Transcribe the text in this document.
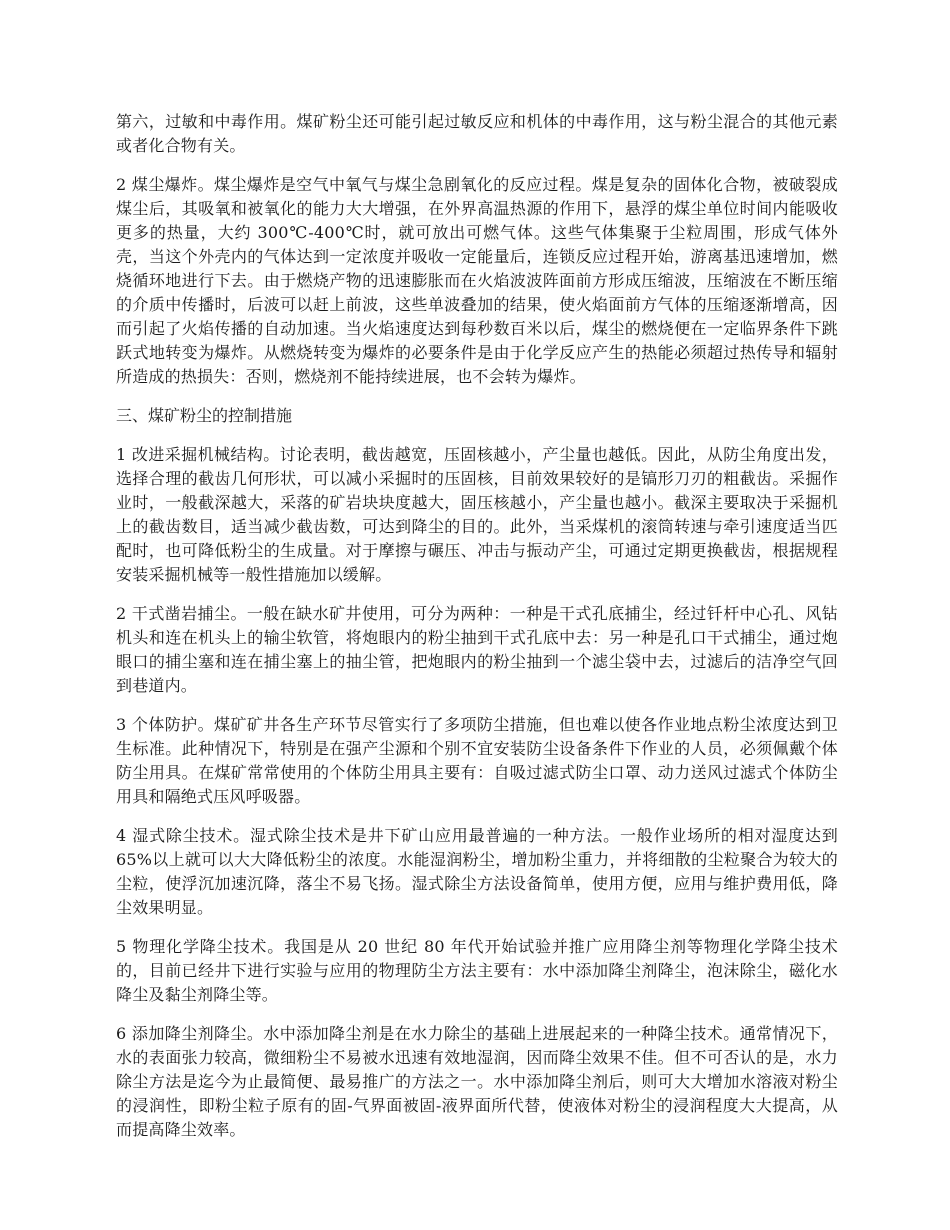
第六，过敏和中毒作用。煤矿粉尘还可能引起过敏反应和机体的中毒作用，这与粉尘混合的其他元素或者化合物有关。

2 煤尘爆炸。煤尘爆炸是空气中氧气与煤尘急剧氧化的反应过程。煤是复杂的固体化合物，被破裂成煤尘后，其吸氧和被氧化的能力大大增强，在外界高温热源的作用下，悬浮的煤尘单位时间内能吸收更多的热量，大约 300℃-400℃时，就可放出可燃气体。这些气体集聚于尘粒周围，形成气体外壳，当这个外壳内的气体达到一定浓度并吸收一定能量后，连锁反应过程开始，游离基迅速增加，燃烧循环地进行下去。由于燃烧产物的迅速膨胀而在火焰波波阵面前方形成压缩波，压缩波在不断压缩的介质中传播时，后波可以赶上前波，这些单波叠加的结果，使火焰面前方气体的压缩逐渐增高，因而引起了火焰传播的自动加速。当火焰速度达到每秒数百米以后，煤尘的燃烧便在一定临界条件下跳跃式地转变为爆炸。从燃烧转变为爆炸的必要条件是由于化学反应产生的热能必须超过热传导和辐射所造成的热损失：否则，燃烧剂不能持续进展，也不会转为爆炸。

三、煤矿粉尘的控制措施

1 改进采掘机械结构。讨论表明，截齿越宽，压固核越小，产尘量也越低。因此，从防尘角度出发，选择合理的截齿几何形状，可以减小采掘时的压固核，目前效果较好的是镐形刀刃的粗截齿。采掘作业时，一般截深越大，采落的矿岩块块度越大，固压核越小，产尘量也越小。截深主要取决于采掘机上的截齿数目，适当减少截齿数，可达到降尘的目的。此外，当采煤机的滚筒转速与牵引速度适当匹配时，也可降低粉尘的生成量。对于摩擦与碾压、冲击与振动产尘，可通过定期更换截齿，根据规程安装采掘机械等一般性措施加以缓解。

2 干式凿岩捕尘。一般在缺水矿井使用，可分为两种：一种是干式孔底捕尘，经过钎杆中心孔、风钻机头和连在机头上的输尘软管，将炮眼内的粉尘抽到干式孔底中去：另一种是孔口干式捕尘，通过炮眼口的捕尘塞和连在捕尘塞上的抽尘管，把炮眼内的粉尘抽到一个滤尘袋中去，过滤后的洁净空气回到巷道内。

3 个体防护。煤矿矿井各生产环节尽管实行了多项防尘措施，但也难以使各作业地点粉尘浓度达到卫生标准。此种情况下，特别是在强产尘源和个别不宜安装防尘设备条件下作业的人员，必须佩戴个体防尘用具。在煤矿常常使用的个体防尘用具主要有：自吸过滤式防尘口罩、动力送风过滤式个体防尘用具和隔绝式压风呼吸器。

4 湿式除尘技术。湿式除尘技术是井下矿山应用最普遍的一种方法。一般作业场所的相对湿度达到 65%以上就可以大大降低粉尘的浓度。水能湿润粉尘，增加粉尘重力，并将细散的尘粒聚合为较大的尘粒，使浮沉加速沉降，落尘不易飞扬。湿式除尘方法设备简单，使用方便，应用与维护费用低，降尘效果明显。

5 物理化学降尘技术。我国是从 20 世纪 80 年代开始试验并推广应用降尘剂等物理化学降尘技术的，目前已经井下进行实验与应用的物理防尘方法主要有：水中添加降尘剂降尘，泡沫除尘，磁化水降尘及黏尘剂降尘等。

6 添加降尘剂降尘。水中添加降尘剂是在水力除尘的基础上进展起来的一种降尘技术。通常情况下，水的表面张力较高，微细粉尘不易被水迅速有效地湿润，因而降尘效果不佳。但不可否认的是，水力除尘方法是迄今为止最简便、最易推广的方法之一。水中添加降尘剂后，则可大大增加水溶液对粉尘的浸润性，即粉尘粒子原有的固-气界面被固-液界面所代替，使液体对粉尘的浸润程度大大提高，从而提高降尘效率。
